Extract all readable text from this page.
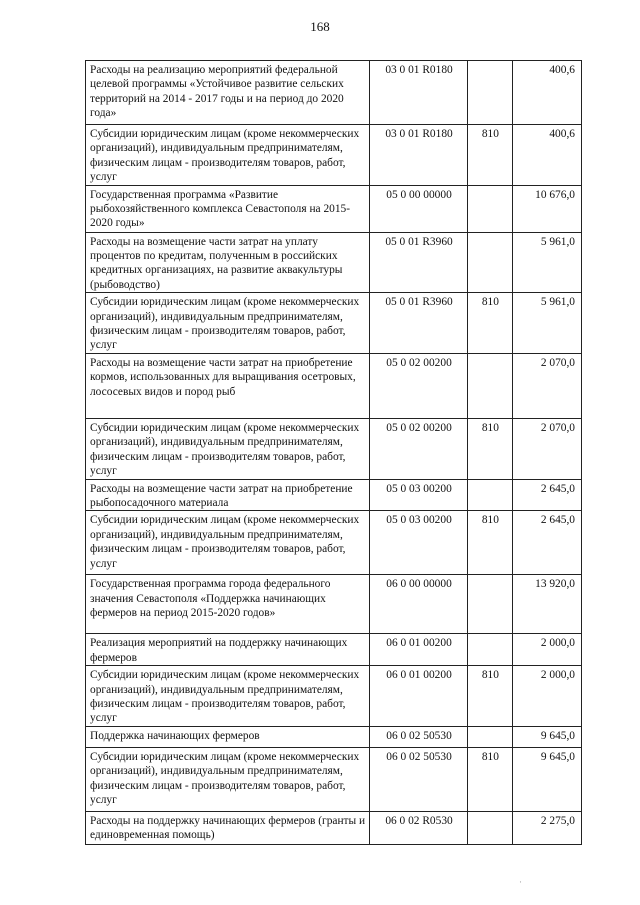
168
Расходы на реализацию мероприятий федеральной целевой программы «Устойчивое развитие сельских территорий на 2014 - 2017 годы и на период до 2020 года»	03 0 01 R0180		400,6
Субсидии юридическим лицам (кроме некоммерческих организаций), индивидуальным предпринимателям, физическим лицам - производителям товаров, работ, услуг	03 0 01 R0180	810	400,6
Государственная программа «Развитие рыбохозяйственного комплекса Севастополя на 2015-2020 годы»	05 0 00 00000		10 676,0
Расходы на возмещение части затрат на уплату процентов по кредитам, полученным в российских кредитных организациях, на развитие аквакультуры (рыбоводство)	05 0 01 R3960		5 961,0
Субсидии юридическим лицам (кроме некоммерческих организаций), индивидуальным предпринимателям, физическим лицам - производителям товаров, работ, услуг	05 0 01 R3960	810	5 961,0
Расходы на возмещение части затрат на приобретение кормов, использованных для выращивания осетровых, лососевых видов и пород рыб	05 0 02 00200		2 070,0
Субсидии юридическим лицам (кроме некоммерческих организаций), индивидуальным предпринимателям, физическим лицам - производителям товаров, работ, услуг	05 0 02 00200	810	2 070,0
Расходы на возмещение части затрат на приобретение рыбопосадочного материала	05 0 03 00200		2 645,0
Субсидии юридическим лицам (кроме некоммерческих организаций), индивидуальным предпринимателям, физическим лицам - производителям товаров, работ, услуг	05 0 03 00200	810	2 645,0
Государственная программа города федерального значения Севастополя «Поддержка начинающих фермеров на период 2015-2020 годов»	06 0 00 00000		13 920,0
Реализация мероприятий на поддержку начинающих фермеров	06 0 01 00200		2 000,0
Субсидии юридическим лицам (кроме некоммерческих организаций), индивидуальным предпринимателям, физическим лицам - производителям товаров, работ, услуг	06 0 01 00200	810	2 000,0
Поддержка начинающих фермеров	06 0 02 50530		9 645,0
Субсидии юридическим лицам (кроме некоммерческих организаций), индивидуальным предпринимателям, физическим лицам - производителям товаров, работ, услуг	06 0 02 50530	810	9 645,0
Расходы на поддержку начинающих фермеров (гранты и единовременная помощь)	06 0 02 R0530		2 275,0
·
